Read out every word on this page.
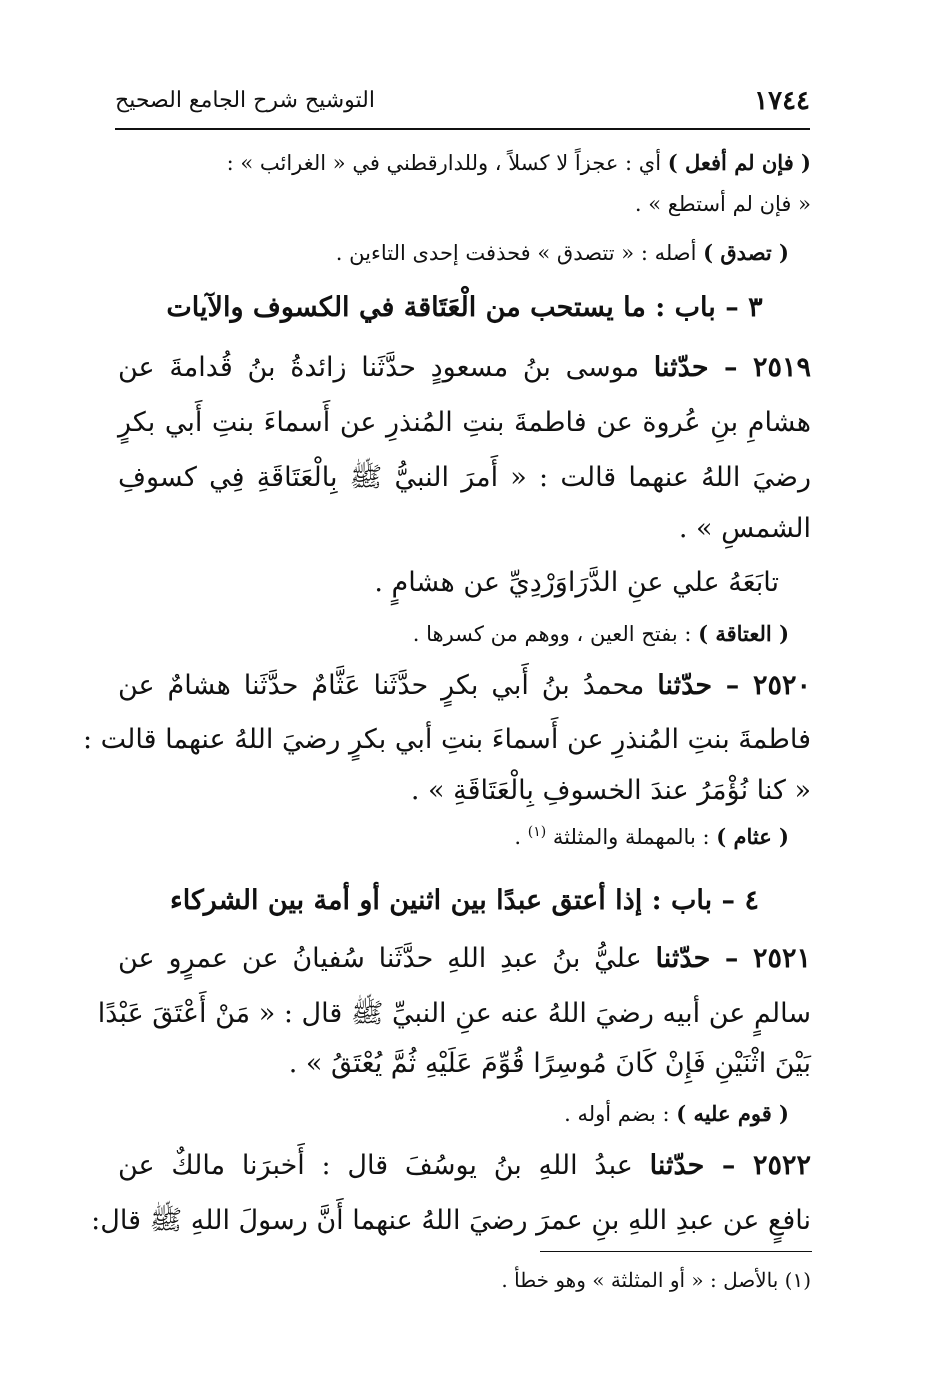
١٧٤٤
التوشيح شرح الجامع الصحيح
( فإن لم أفعل ) أي : عجزاً لا كسلاً ، وللدارقطني في « الغرائب » :
« فإن لم أستطع » .
( تصدق ) أصله : « تتصدق » فحذفت إحدى التاءين .
٣ – باب : ما يستحب من الْعَتَاقة في الكسوف والآيات
٢٥١٩ – حدّثنا موسى بنُ مسعودٍ حدَّثَنا زائدةُ بنُ قُدامةَ عن
هشامِ بنِ عُروة عن فاطمةَ بنتِ المُنذرِ عن أَسماءَ بنتِ أَبي بكرٍ
رضيَ اللهُ عنهما قالت : « أَمرَ النبيُّ ﷺ بِالْعَتَاقَةِ فِي كسوفِ
الشمسِ » .
تابَعَهُ علي عنِ الدَّرَاوَرْدِيِّ عن هشامٍ .
( العتاقة ) : بفتح العين ، ووهم من كسرها .
٢٥٢٠ – حدّثنا محمدُ بنُ أَبي بكرٍ حدَّثَنا عَثَّامٌ حدَّثَنا هشامٌ عن
فاطمةَ بنتِ المُنذرِ عن أَسماءَ بنتِ أبي بكرٍ رضيَ اللهُ عنهما قالت :
« كنا نُؤْمَرُ عندَ الخسوفِ بِالْعَتَاقَةِ » .
( عثام ) : بالمهملة والمثلثة $^{(١)}$ .
٤ – باب : إذا أعتق عبدًا بين اثنين أو أمة بين الشركاء
٢٥٢١ – حدّثنا عليُّ بنُ عبدِ اللهِ حدَّثَنا سُفيانُ عن عمرٍو عن
سالمٍ عن أبيه رضيَ اللهُ عنه عنِ النبيِّ ﷺ قال : « مَنْ أَعْتَقَ عَبْدًا
بَيْنَ اثْنَيْنِ فَإِنْ كَانَ مُوسِرًا قُوِّمَ عَلَيْهِ ثُمَّ يُعْتَقُ » .
( قوم عليه ) : بضم أوله .
٢٥٢٢ – حدّثنا عبدُ اللهِ بنُ يوسُفَ قال : أَخبرَنا مالكٌ عن
نافعٍ عن عبدِ اللهِ بنِ عمرَ رضيَ اللهُ عنهما أَنَّ رسولَ اللهِ ﷺ قال:
(١) بالأصل : « أو المثلثة » وهو خطأ .
